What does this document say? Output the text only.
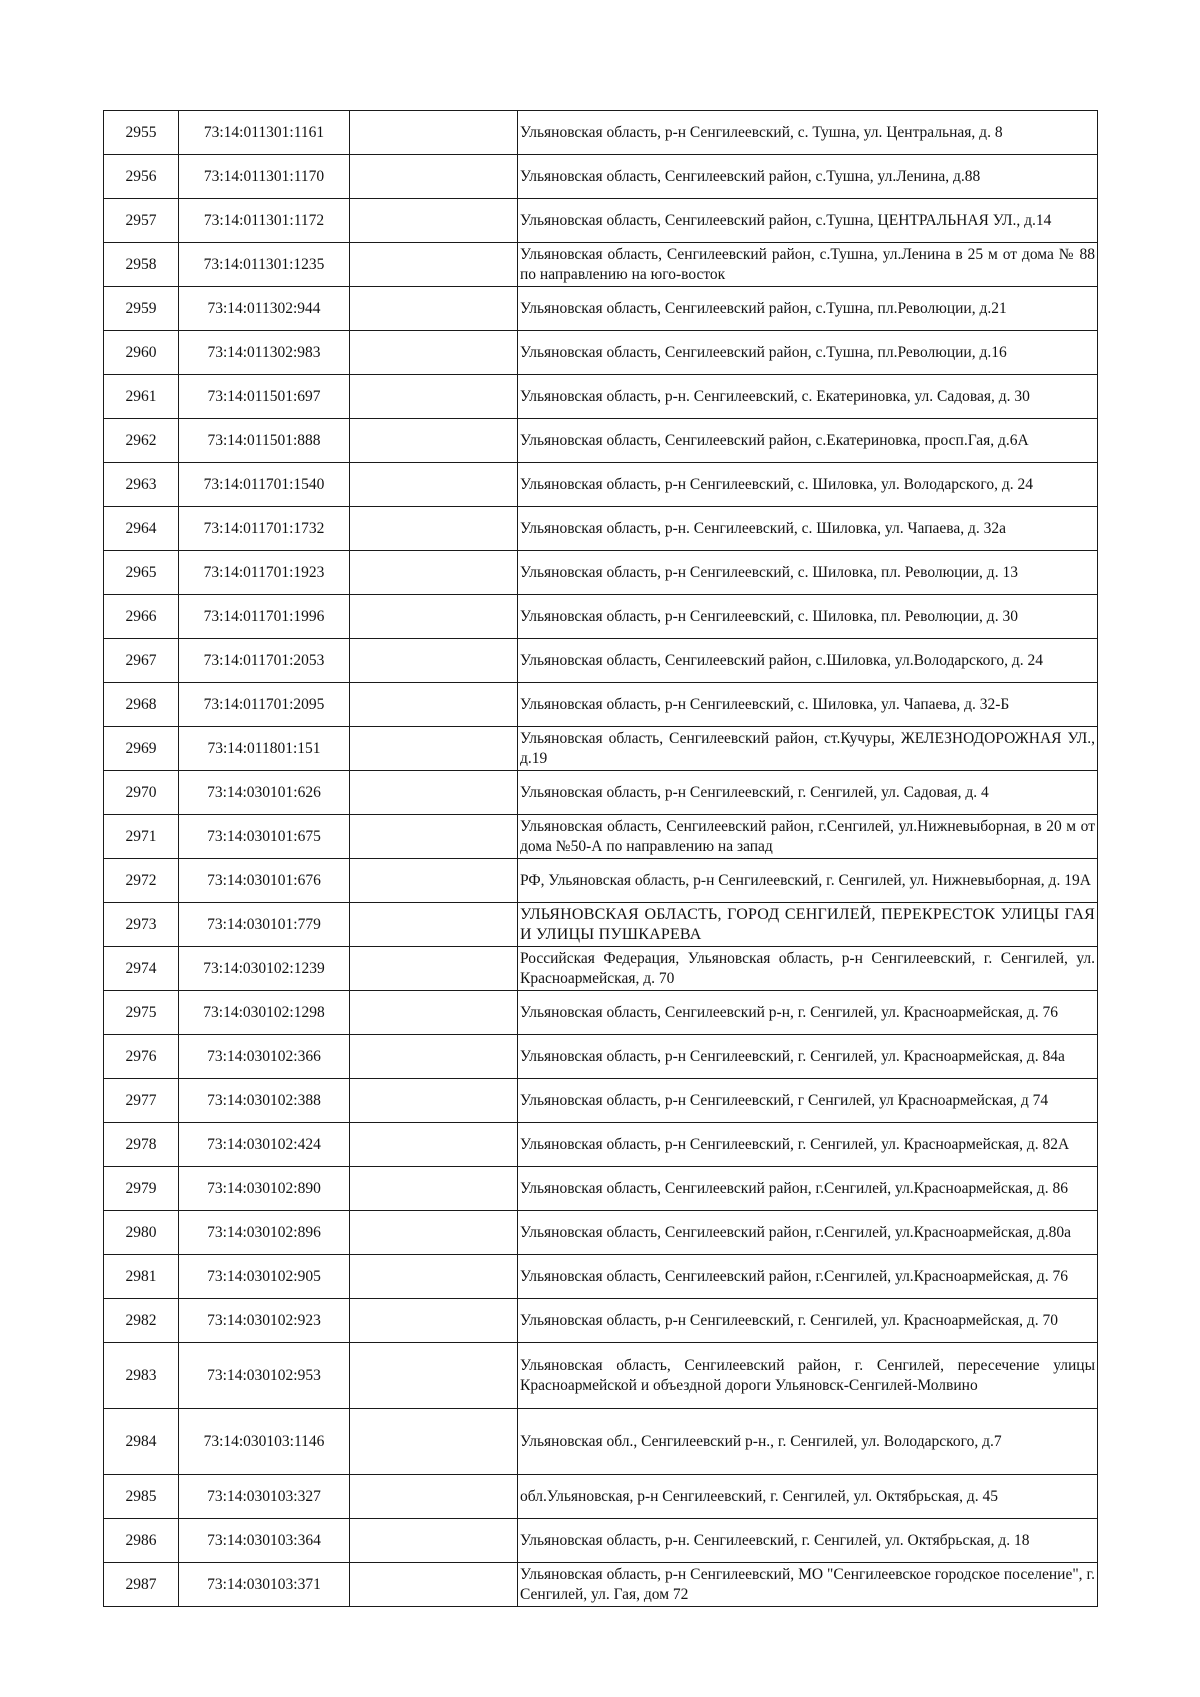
2955	73:14:011301:1161		Ульяновская область, р-н Сенгилеевский, с. Тушна, ул. Центральная, д. 8
2956	73:14:011301:1170		Ульяновская область, Сенгилеевский район, с.Тушна, ул.Ленина, д.88
2957	73:14:011301:1172		Ульяновская область, Сенгилеевский район, с.Тушна, ЦЕНТРАЛЬНАЯ УЛ., д.14
2958	73:14:011301:1235		Ульяновская область, Сенгилеевский район, с.Тушна, ул.Ленина в 25 м от дома № 88 по направлению на юго-восток
2959	73:14:011302:944		Ульяновская область, Сенгилеевский район, с.Тушна, пл.Революции, д.21
2960	73:14:011302:983		Ульяновская область, Сенгилеевский район, с.Тушна, пл.Революции, д.16
2961	73:14:011501:697		Ульяновская область, р-н. Сенгилеевский, с. Екатериновка, ул. Садовая, д. 30
2962	73:14:011501:888		Ульяновская область, Сенгилеевский район, с.Екатериновка, просп.Гая, д.6А
2963	73:14:011701:1540		Ульяновская область, р-н Сенгилеевский, с. Шиловка, ул. Володарского, д. 24
2964	73:14:011701:1732		Ульяновская область, р-н. Сенгилеевский, с. Шиловка, ул. Чапаева, д. 32а
2965	73:14:011701:1923		Ульяновская область, р-н Сенгилеевский, с. Шиловка, пл. Революции, д. 13
2966	73:14:011701:1996		Ульяновская область, р-н Сенгилеевский, с. Шиловка, пл. Революции, д. 30
2967	73:14:011701:2053		Ульяновская область, Сенгилеевский район, с.Шиловка, ул.Володарского, д. 24
2968	73:14:011701:2095		Ульяновская область, р-н Сенгилеевский, с. Шиловка, ул. Чапаева, д. 32-Б
2969	73:14:011801:151		Ульяновская область, Сенгилеевский район, ст.Кучуры, ЖЕЛЕЗНОДОРОЖНАЯ УЛ., д.19
2970	73:14:030101:626		Ульяновская область, р-н Сенгилеевский, г. Сенгилей, ул. Садовая, д. 4
2971	73:14:030101:675		Ульяновская область, Сенгилеевский район, г.Сенгилей, ул.Нижневыборная, в 20 м от дома №50-А по направлению на запад
2972	73:14:030101:676		РФ, Ульяновская область, р-н Сенгилеевский, г. Сенгилей, ул. Нижневыборная, д. 19А
2973	73:14:030101:779		УЛЬЯНОВСКАЯ ОБЛАСТЬ, ГОРОД СЕНГИЛЕЙ, ПЕРЕКРЕСТОК УЛИЦЫ ГАЯ И УЛИЦЫ ПУШКАРЕВА
2974	73:14:030102:1239		Российская Федерация, Ульяновская область, р-н Сенгилеевский, г. Сенгилей, ул. Красноармейская, д. 70
2975	73:14:030102:1298		Ульяновская область, Сенгилеевский р-н, г. Сенгилей, ул. Красноармейская, д. 76
2976	73:14:030102:366		Ульяновская область, р-н Сенгилеевский, г. Сенгилей, ул. Красноармейская, д. 84а
2977	73:14:030102:388		Ульяновская область, р-н Сенгилеевский, г Сенгилей, ул Красноармейская, д 74
2978	73:14:030102:424		Ульяновская область, р-н Сенгилеевский, г. Сенгилей, ул. Красноармейская, д. 82А
2979	73:14:030102:890		Ульяновская область, Сенгилеевский район, г.Сенгилей, ул.Красноармейская, д. 86
2980	73:14:030102:896		Ульяновская область, Сенгилеевский район, г.Сенгилей, ул.Красноармейская, д.80а
2981	73:14:030102:905		Ульяновская область, Сенгилеевский район, г.Сенгилей, ул.Красноармейская, д. 76
2982	73:14:030102:923		Ульяновская область, р-н Сенгилеевский, г. Сенгилей, ул. Красноармейская, д. 70
2983	73:14:030102:953		Ульяновская область, Сенгилеевский район, г. Сенгилей, пересечение улицы Красноармейской и объездной дороги Ульяновск-Сенгилей-Молвино
2984	73:14:030103:1146		Ульяновская обл., Сенгилеевский р-н., г. Сенгилей, ул. Володарского, д.7
2985	73:14:030103:327		обл.Ульяновская, р-н Сенгилеевский, г. Сенгилей, ул. Октябрьская, д. 45
2986	73:14:030103:364		Ульяновская область, р-н. Сенгилеевский, г. Сенгилей, ул. Октябрьская, д. 18
2987	73:14:030103:371		Ульяновская область, р-н Сенгилеевский, МО "Сенгилеевское городское поселение", г. Сенгилей, ул. Гая, дом 72
